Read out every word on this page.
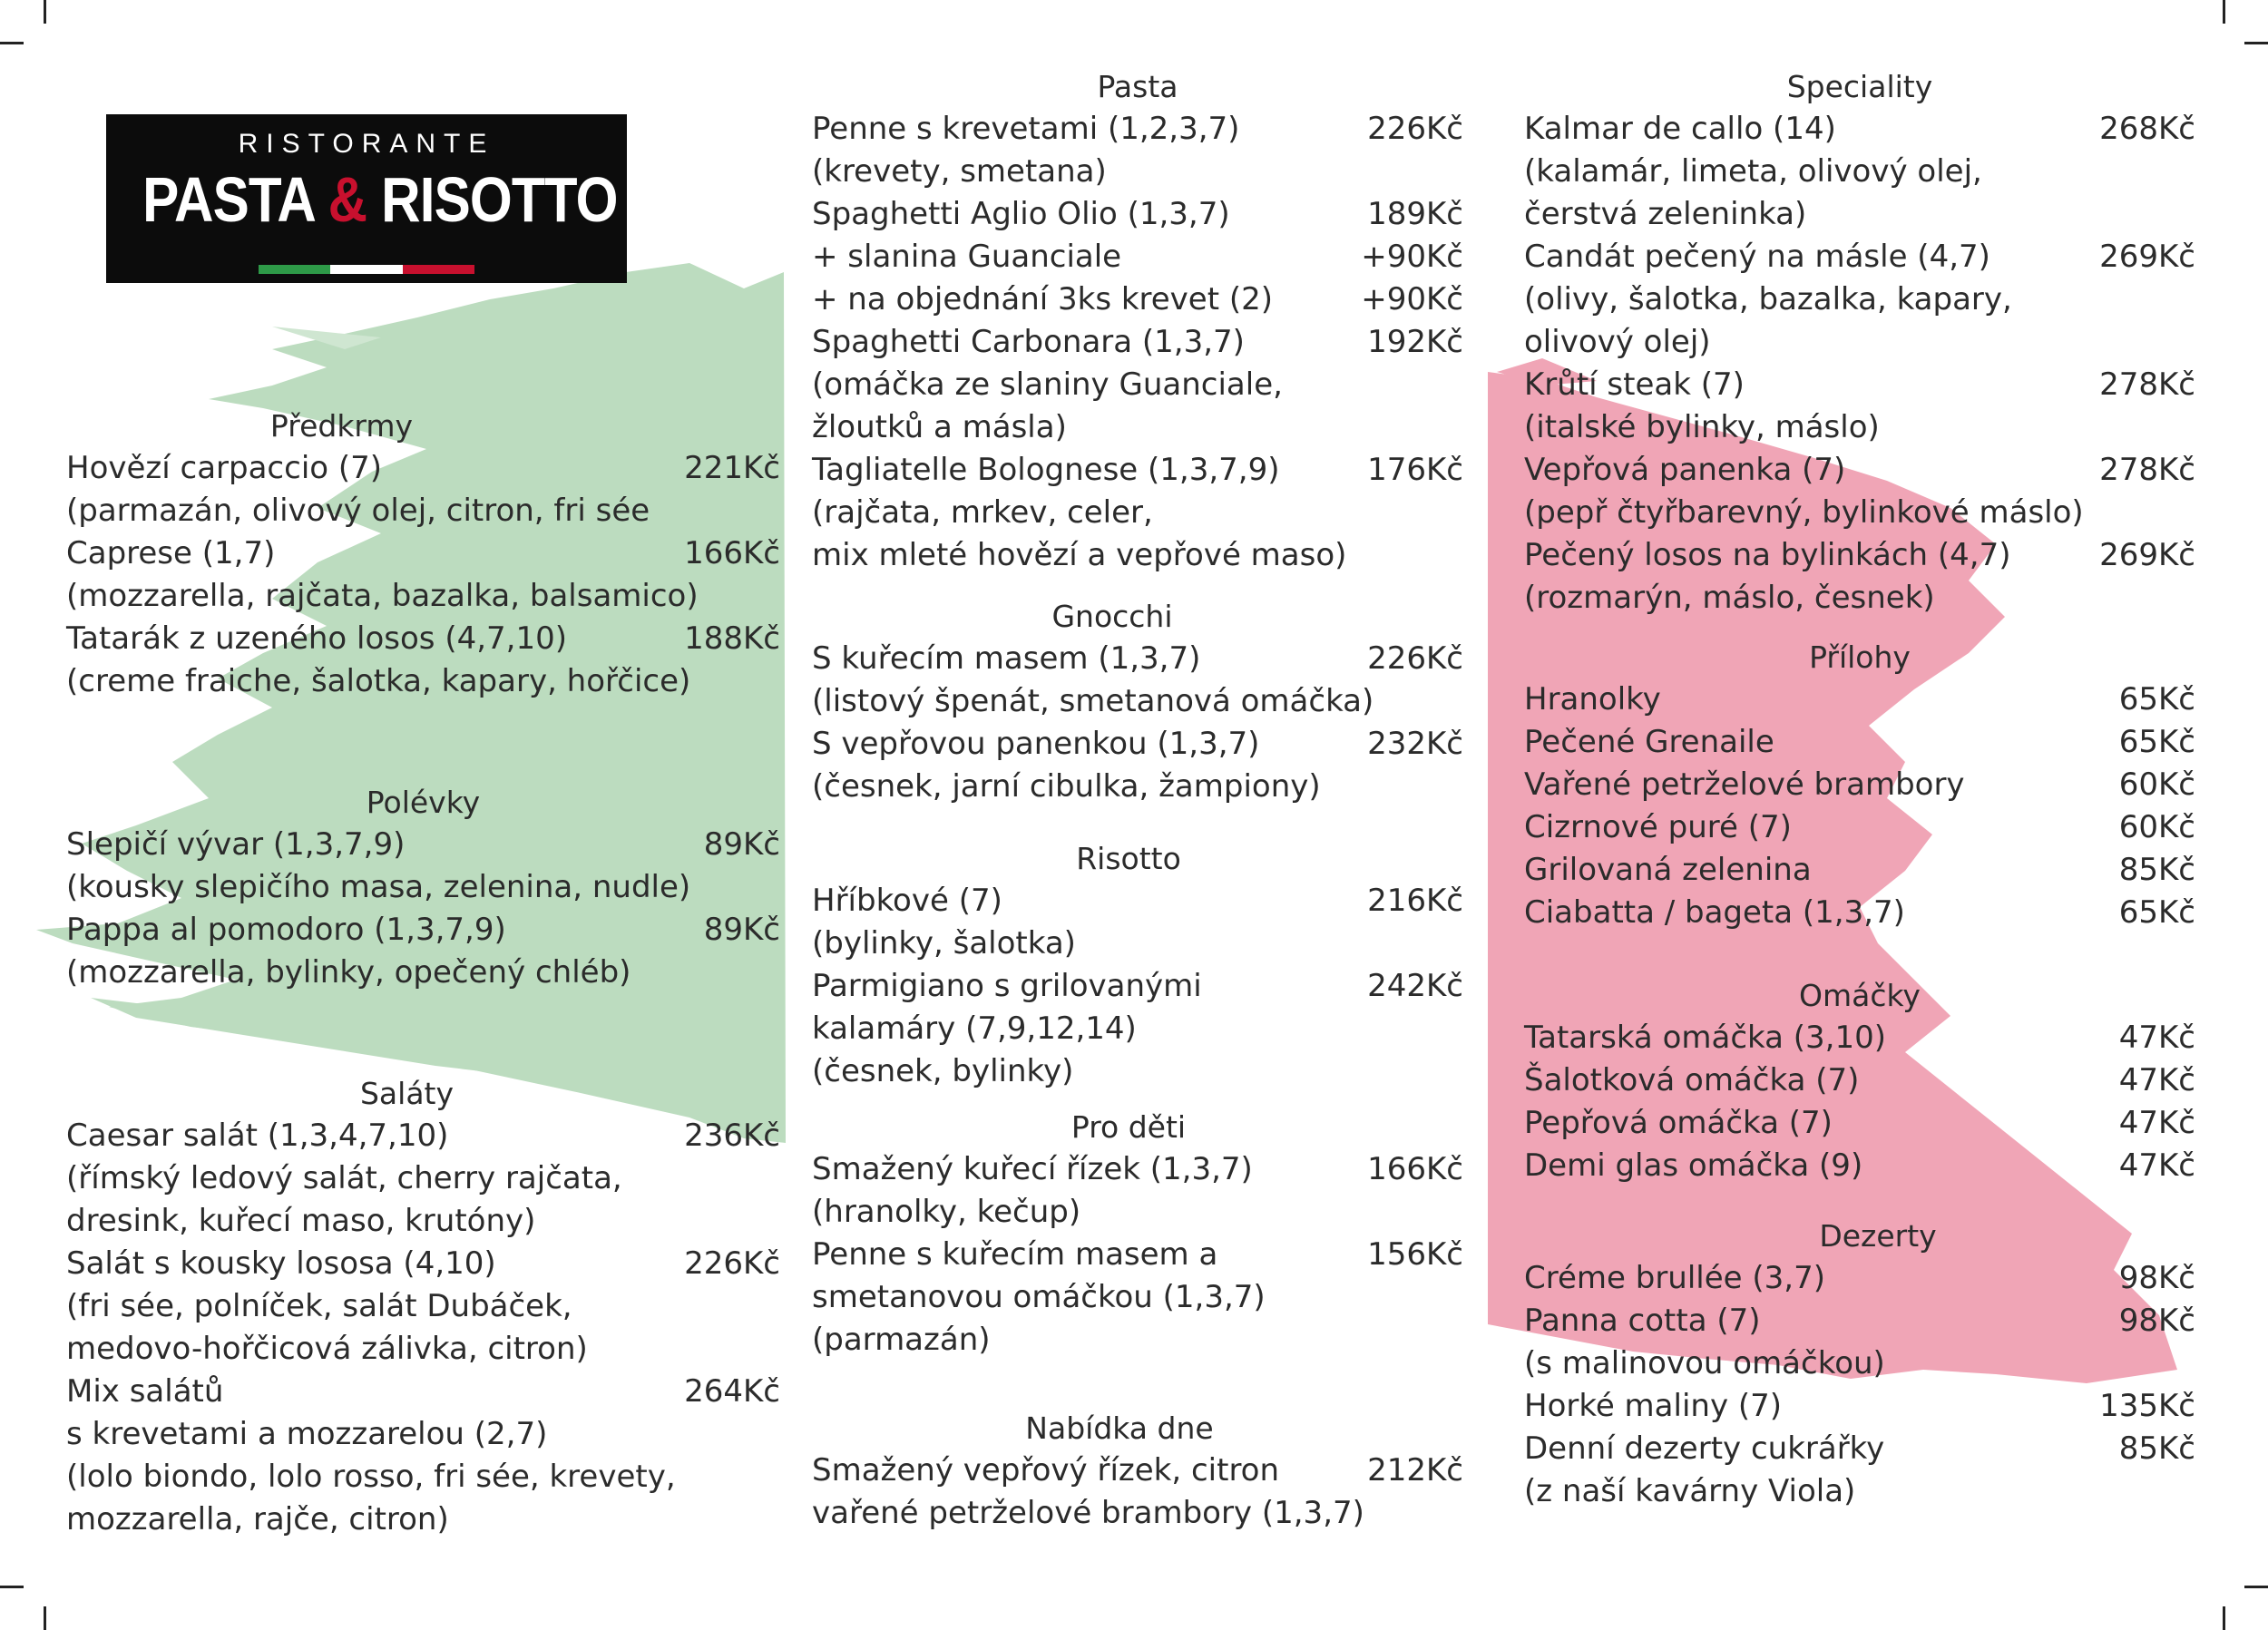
RISTORANTE
PASTA & RISOTTO
Předkrmy
Hovězí carpaccio (7)	221Kč
(parmazán, olivový olej, citron, fri sée
Caprese (1,7)	166Kč
(mozzarella, rajčata, bazalka, balsamico)
Tatarák z uzeného losos (4,7,10)	188Kč
(creme fraiche, šalotka, kapary, hořčice)
Polévky
Slepičí vývar (1,3,7,9)	89Kč
(kousky slepičího masa, zelenina, nudle)
Pappa al pomodoro (1,3,7,9)	89Kč
(mozzarella, bylinky, opečený chléb)
Saláty
Caesar salát (1,3,4,7,10)	236Kč
(římský ledový salát, cherry rajčata,
dresink, kuřecí maso, krutóny)
Salát s kousky lososa (4,10)	226Kč
(fri sée, polníček, salát Dubáček,
medovo-hořčicová zálivka, citron)
Mix salátů	264Kč
s krevetami a mozzarelou (2,7)
(lolo biondo, lolo rosso, fri sée, krevety,
mozzarella, rajče, citron)
Pasta
Penne s krevetami (1,2,3,7)	226Kč
(krevety, smetana)
Spaghetti Aglio Olio (1,3,7)	189Kč
+ slanina Guanciale	+90Kč
+ na objednání 3ks krevet (2)	+90Kč
Spaghetti Carbonara (1,3,7)	192Kč
(omáčka ze slaniny Guanciale,
žloutků a másla)
Tagliatelle Bolognese (1,3,7,9)	176Kč
(rajčata, mrkev, celer,
mix mleté hovězí a vepřové maso)
Gnocchi
S kuřecím masem (1,3,7)	226Kč
(listový špenát, smetanová omáčka)
S vepřovou panenkou (1,3,7)	232Kč
(česnek, jarní cibulka, žampiony)
Risotto
Hříbkové (7)	216Kč
(bylinky, šalotka)
Parmigiano s grilovanými	242Kč
kalamáry (7,9,12,14)
(česnek, bylinky)
Pro děti
Smažený kuřecí řízek (1,3,7)	166Kč
(hranolky, kečup)
Penne s kuřecím masem a	156Kč
smetanovou omáčkou (1,3,7)
(parmazán)
Nabídka dne
Smažený vepřový řízek, citron	212Kč
vařené petrželové brambory (1,3,7)
Speciality
Kalmar de callo (14)	268Kč
(kalamár, limeta, olivový olej,
čerstvá zeleninka)
Candát pečený na másle (4,7)	269Kč
(olivy, šalotka, bazalka, kapary,
olivový olej)
Krůtí steak (7)	278Kč
(italské bylinky, máslo)
Vepřová panenka (7)	278Kč
(pepř čtyřbarevný, bylinkové máslo)
Pečený losos na bylinkách (4,7)	269Kč
(rozmarýn, máslo, česnek)
Přílohy
Hranolky	65Kč
Pečené Grenaile	65Kč
Vařené petrželové brambory	60Kč
Cizrnové puré (7)	60Kč
Grilovaná zelenina	85Kč
Ciabatta / bageta (1,3,7)	65Kč
Omáčky
Tatarská omáčka (3,10)	47Kč
Šalotková omáčka (7)	47Kč
Pepřová omáčka (7)	47Kč
Demi glas omáčka (9)	47Kč
Dezerty
Créme brullée (3,7)	98Kč
Panna cotta (7)	98Kč
(s malinovou omáčkou)
Horké maliny (7)	135Kč
Denní dezerty cukrářky	85Kč
(z naší kavárny Viola)
